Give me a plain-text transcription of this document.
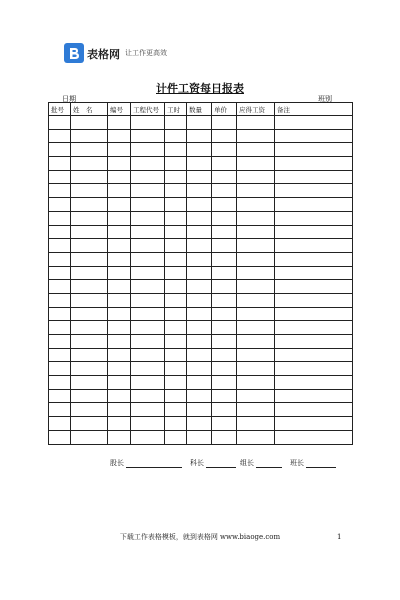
表格网 让工作更高效
计件工资每日报表
日期	班别
批号	姓　名	编号	工程代号	工时	数量	单价	应得工资	备注

股长	科长	组长	班长
下载工作表格模板，就到表格网 www.biaoge.com	1
